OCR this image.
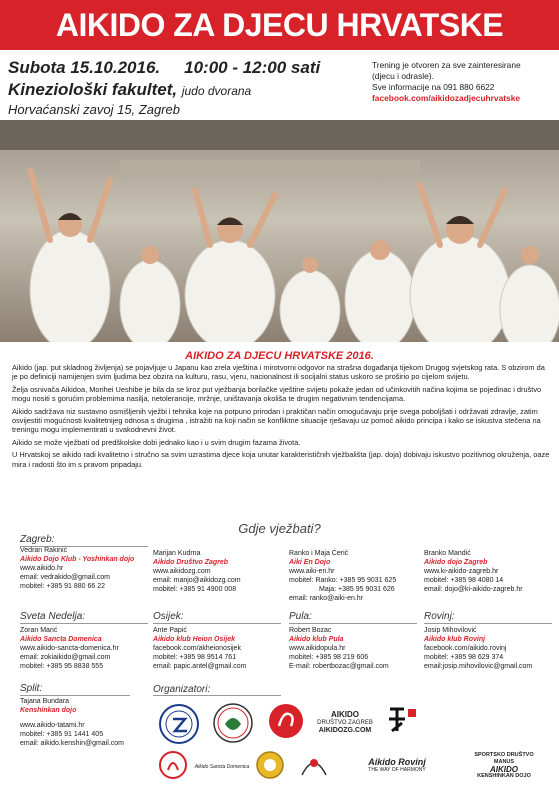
AIKIDO ZA DJECU HRVATSKE
Subota 15.10.2016. 10:00 - 12:00 sati
Kineziološki fakultet, judo dvorana
Horvaćanski zavoj 15, Zagreb
Trening je otvoren za sve zainteresirane
(djecu i odrasle).
Sve informacije na 091 880 6622
facebook.com/aikidozadjecuhrvatske
AIKIDO ZA DJECU HRVATSKE 2016.

Aikido (jap. put skladnog življenja) se pojavljuje u Japanu kao zrela vještina i mirotvorni odgovor na strašna događanja tijekom Drugog svjetskog rata. S obzirom da je po definiciji namijenjen svim ljudima bez obzira na kulturu, rasu, vjeru, nacionalnost ili socijalni status uskoro se proširio po cijelom svijetu.

Želja osnivača Aikidoa, Morihei Ueshibe je bila da se kroz put vježbanja borilačke vještine svijetu pokaže jedan od učinkovitih načina kojima se pojedinac i društvo mogu nositi s gorućim problemima nasilja, netolerancije, mržnje, uništavanja okoliša te drugim negativnim tendencijama.

Aikido sadržava niz sustavno osmišljenih vježbi i tehnika koje na potpuno prirodan i praktičan način omogućavaju prije svega poboljšati i održavati zdravlje, zatim osvijestiti mogućnosti kvalitetnijeg odnosa s drugima , istražiti na koji način se konfliktne situacije rješavaju uz pomoć aikido principa i kako se iskustva stečena na treningu mogu implementirati u svakodnevni život.

Aikido se može vježbati od predškolske dobi jednako kao i u svim drugim fazama života.

U Hrvatskoj se aikido radi kvalitetno i stručno sa svim uzrastima djece koja unutar karakterističnih vježbališta (jap. doja) dobivaju iskustvo pozitivnog okruženja, oaze mira i radosti što im s pravom pripadaju.

Gdje vježbati?
Zagreb:
Vedran Rakinić
Aikido Dojo Klub - Yoshinkan dojo
www.aikido.hr
email: vedrakido@gmail.com
mobitel: +385 91 880 66 22
Marijan Kudrna
Aikido Društvo Zagreb
www.aikidozg.com
email: manjo@aikidozg.com
mobitel: +385 91 4900 008
Ranko i Maja Ćerić
Aiki En Dojo
www.aiki-en.hr
mobitel: Ranko: +385 95 9031 625
Maja: +385 95 9031 626
email: ranko@aiki-en.hr
Branko Mandić
Aikido dojo Zagreb
www.ki-aikido-zagreb.hr
mobitel: +385 98 4080 14
email: dojo@ki-aikido-zagreb.hr
Sveta Nedelja:
Zoran Marić
Aikido Sancta Domenica
www.aikido-sancta-domenica.hr
email: zokiaikido@gmail.com
mobitel: +385 95 8838 555
Osijek:
Ante Papić
Aikido klub Heion Osijek
facebook.com/akheionosijek
mobitel: +385 98 9514 761
email: papic.antel@gmail.com
Pula:
Robert Bozac
Aikido klub Pula
www.aikidopula.hr
mobitel: +385 98 219 606
E-mail: robertbozac@gmail.com
Rovinj:
Josip Mihovilović
Aikido klub Rovinj
facebook.com/aikido.rovinj
mobitel: +385 98 629 374
email:josip.mihovilovic@gmail.com
Split:
Tajana Bundara
Kenshinkan dojo
www.aikido-tatami.hr
mobitel: +385 91 1441 405
email: aikido.kenshin@gmail.com
Organizatori:
AIKIDO
DRUŠTVO ZAGREB
AIKIDOZG.COM
Aikido Sancta Domenica	Aikido Rovinj
THE WAY OF HARMONY
SPORTSKO DRUŠTVO
MANUS
AIKIDO
KENSHINKAN DOJO
